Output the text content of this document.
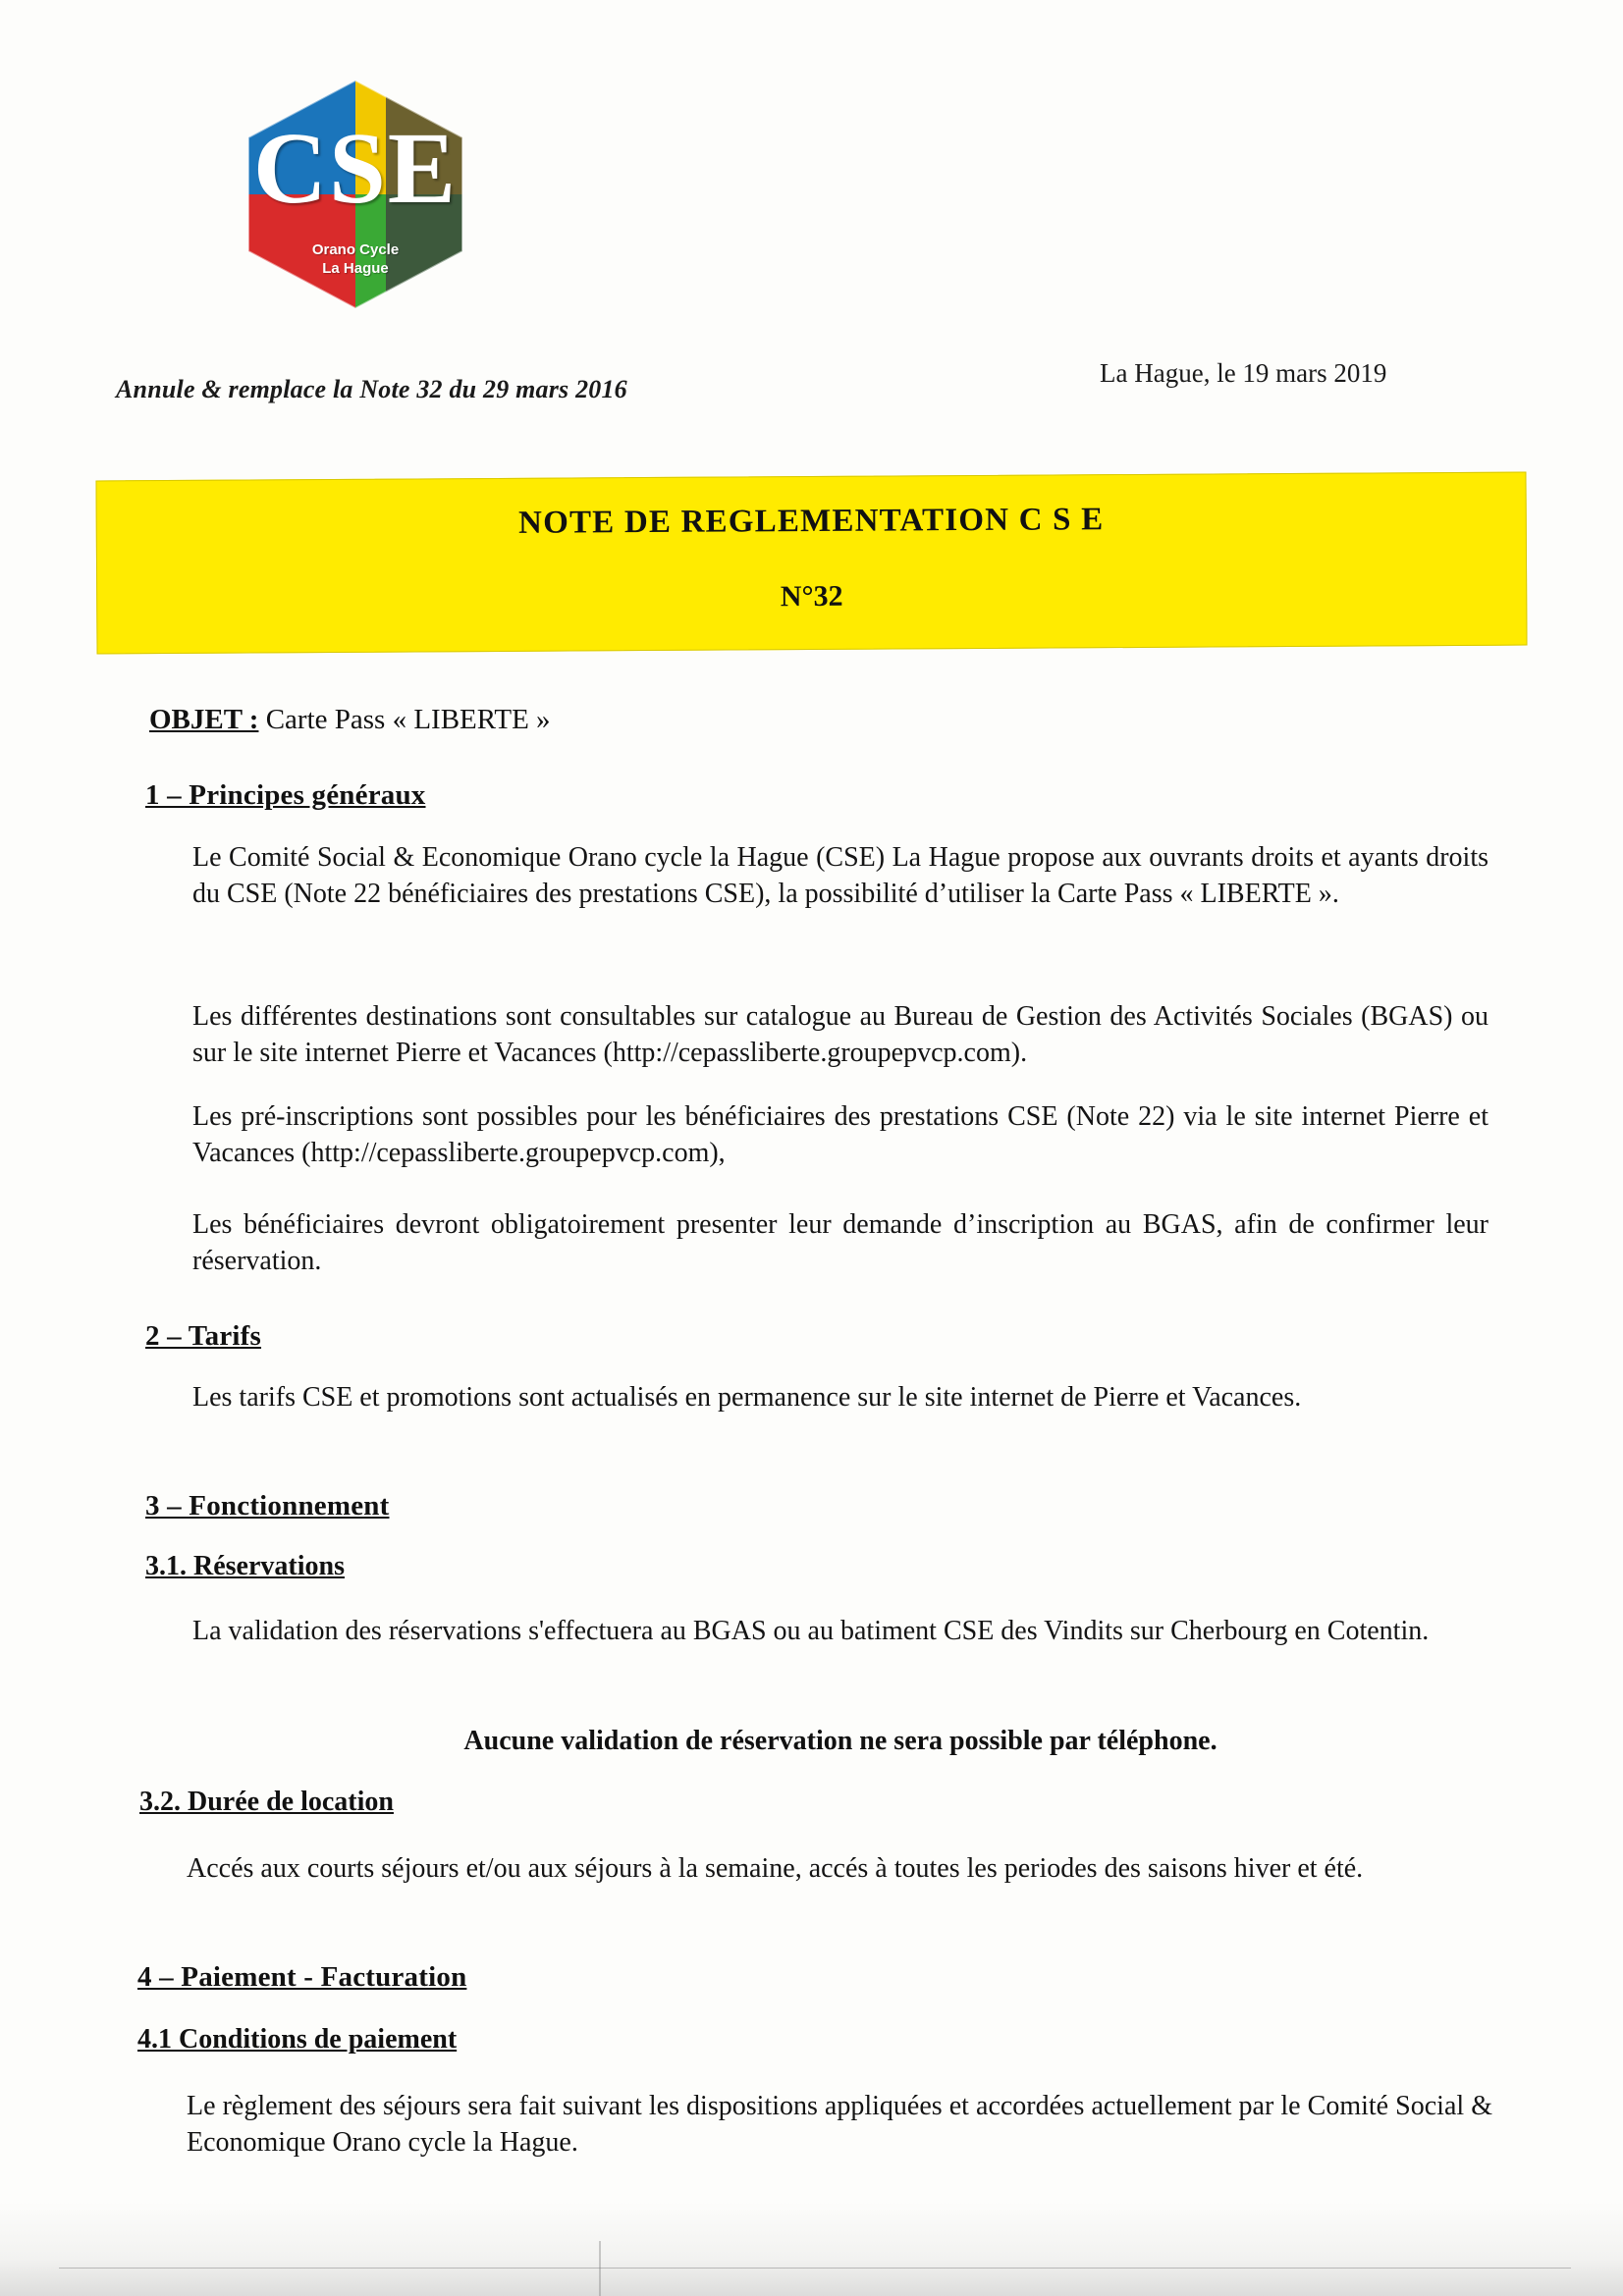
CSE
Orano Cycle
La Hague
Annule & remplace la Note 32 du 29 mars 2016
La Hague, le 19 mars 2019
NOTE DE REGLEMENTATION C S E
N°32
OBJET : Carte Pass « LIBERTE »
1 – Principes généraux
Le Comité Social & Economique Orano cycle la Hague (CSE) La Hague propose aux ouvrants droits et ayants droits du CSE (Note 22 bénéficiaires des prestations CSE), la possibilité d’utiliser la Carte Pass « LIBERTE ».
Les différentes destinations sont consultables sur catalogue au Bureau de Gestion des Activités Sociales (BGAS) ou sur le site internet Pierre et Vacances (http://cepassliberte.groupepvcp.com).
Les pré-inscriptions sont possibles pour les bénéficiaires des prestations CSE (Note 22) via le site internet Pierre et Vacances (http://cepassliberte.groupepvcp.com),
Les bénéficiaires devront obligatoirement presenter leur demande d’inscription au BGAS, afin de confirmer leur réservation.
2 – Tarifs
Les tarifs CSE et promotions sont actualisés en permanence sur le site internet de Pierre et Vacances.
3 – Fonctionnement
3.1. Réservations
La validation des réservations s'effectuera au BGAS ou au batiment CSE des Vindits sur Cherbourg en Cotentin.
Aucune validation de réservation ne sera possible par téléphone.
3.2. Durée de location
Accés aux courts séjours et/ou aux séjours à la semaine, accés à toutes les periodes des saisons hiver et été.
4 – Paiement - Facturation
4.1 Conditions de paiement
Le règlement des séjours sera fait suivant les dispositions appliquées et accordées actuellement par le Comité Social & Economique Orano cycle la Hague.
